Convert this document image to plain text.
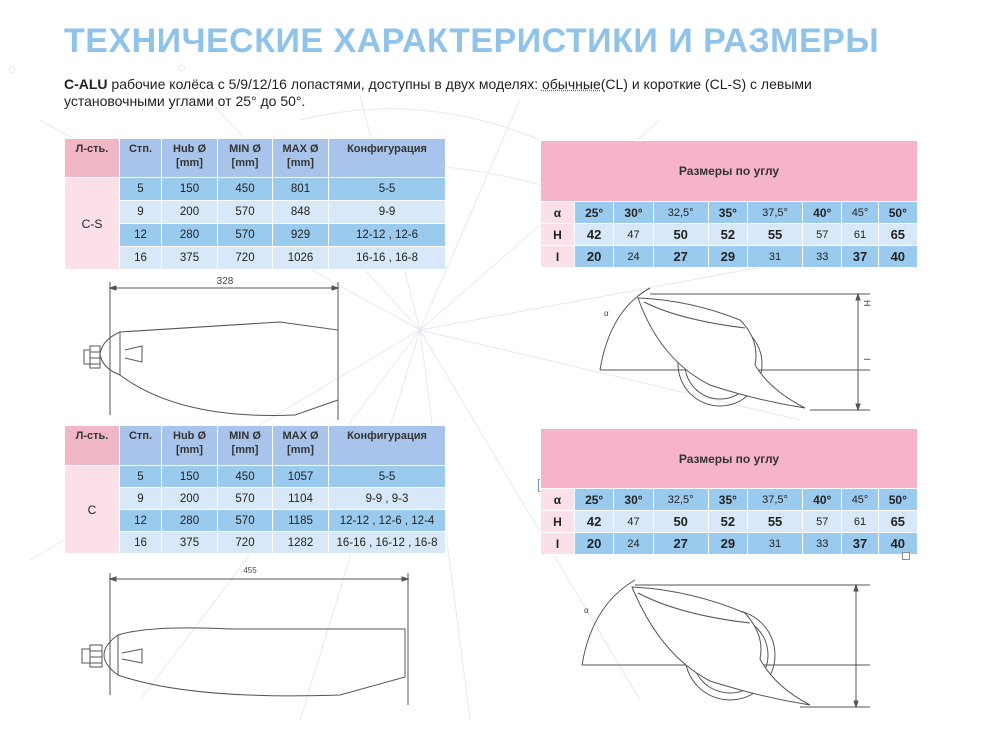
ТЕХНИЧЕСКИЕ ХАРАКТЕРИСТИКИ И РАЗМЕРЫ
C-ALU рабочие колёса с 5/9/12/16 лопастями, доступны в двух моделях: обычные(CL) и короткие (CL-S) с левыми установочными углами от 25° до 50°.
Л-сть.	Стп.	Hub Ø [mm]	MIN Ø [mm]	MAX Ø [mm]	Конфигурация
C-S	5	150	450	801	5-5
	9	200	570	848	9-9
	12	280	570	929	12-12 , 12-6
	16	375	720	1026	16-16 , 16-8
Л-сть.	Стп.	Hub Ø [mm]	MIN Ø [mm]	MAX Ø [mm]	Конфигурация
C	5	150	450	1057	5-5
	9	200	570	1104	9-9 , 9-3
	12	280	570	1185	12-12 , 12-6 , 12-4
	16	375	720	1282	16-16 , 16-12 , 16-8
Размеры по углу								
α	25°	30°	32,5°	35°	37,5°	40°	45°	50°
H	42	47	50	52	55	57	61	65
I	20	24	27	29	31	33	37	40
Размеры по углу								
α	25°	30°	32,5°	35°	37,5°	40°	45°	50°
H	42	47	50	52	55	57	61	65
I	20	24	27	29	31	33	37	40
328
455
α
H
I
α
